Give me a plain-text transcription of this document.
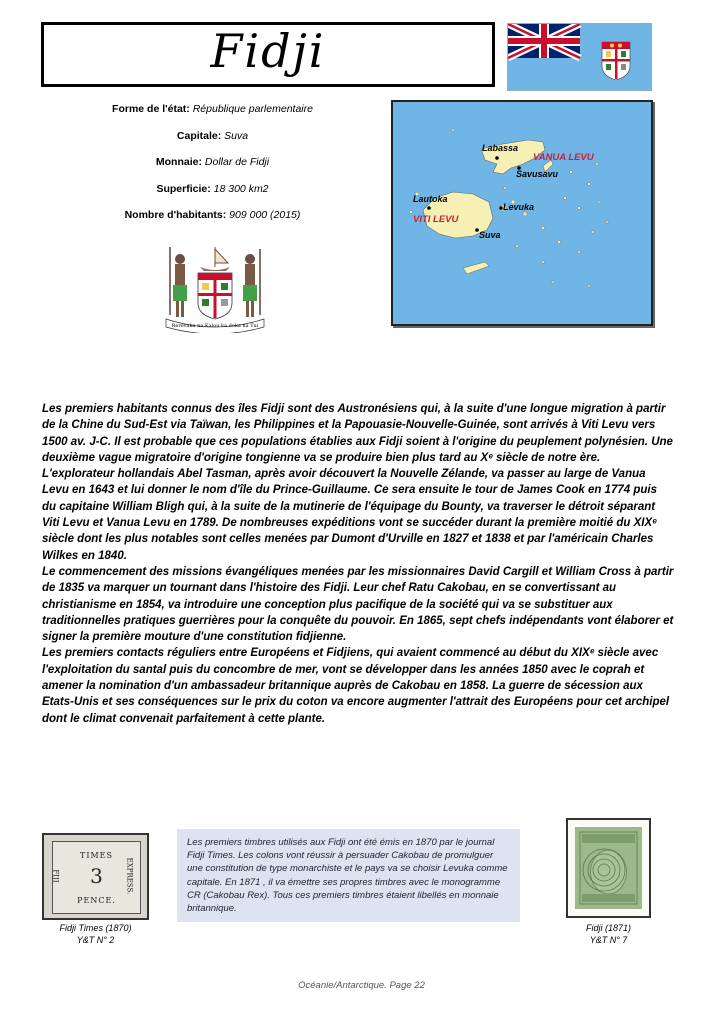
Fidji
Forme de l'état: République parlementaire
Capitale: Suva
Monnaie: Dollar de Fidji
Superficie: 18 300 km2
Nombre d'habitants: 909 000 (2015)
Rerevaka na Kalou ka doka na Tui
Labassa
VANUA LEVU
Savusavu
Lautoka
Levuka
VITI LEVU
Suva

Les premiers habitants connus des îles Fidji sont des Austronésiens qui, à la suite d'une longue migration à partir de la Chine du Sud-Est via Taïwan, les Philippines et la Papouasie-Nouvelle-Guinée, sont arrivés à Viti Levu vers 1500 av. J-C. Il est probable que ces populations établies aux Fidji soient à l'origine du peuplement polynésien. Une deuxième vague migratoire d'origine tongienne va se produire bien plus tard au Xᵉ siècle de notre ère.

L'explorateur hollandais Abel Tasman, après avoir découvert la Nouvelle Zélande, va passer au large de Vanua Levu en 1643 et lui donner le nom d'île du Prince-Guillaume. Ce sera ensuite le tour de James Cook en 1774 puis du capitaine William Bligh qui, à la suite de la mutinerie de l'équipage du Bounty, va traverser le détroit séparant Viti Levu et Vanua Levu en 1789. De nombreuses expéditions vont se succéder durant la première moitié du XIXᵉ siècle dont les plus notables sont celles menées par Dumont d'Urville en 1827 et 1838 et par l'américain Charles Wilkes en 1840.

Le commencement des missions évangéliques menées par les missionnaires David Cargill et William Cross à partir de 1835 va marquer un tournant dans l'histoire des Fidji. Leur chef Ratu Cakobau, en se convertissant au christianisme en 1854, va introduire une conception plus pacifique de la société qui va se substituer aux traditionnelles pratiques guerrières pour la conquête du pouvoir. En 1865, sept chefs indépendants vont élaborer et signer la première mouture d'une constitution fidjienne.

Les premiers contacts réguliers entre Européens et Fidjiens, qui avaient commencé au début du XIXᵉ siècle avec l'exploitation du santal puis du concombre de mer, vont se développer dans les années 1850 avec le coprah et amener la nomination d'un ambassadeur britannique auprès de Cakobau en 1858. La guerre de sécession aux Etats-Unis et ses conséquences sur le prix du coton va encore augmenter l'attrait des Européens pour cet archipel dont le climat convenait parfaitement à cette plante.

TIMES
3
PENCE.
FIJI	EXPRESS.
Fidji Times (1870)
Y&T N° 2
Les premiers timbres utilisés aux Fidji ont été émis en 1870 par le journal Fidji Times. Les colons vont réussir à persuader Cakobau de promulguer une constitution de type monarchiste et le pays va se choisir Levuka comme capitale. En 1871 , il va émettre ses propres timbres avec le monogramme CR (Cakobau Rex). Tous ces premiers timbres étaient libellés en monnaie britannique.
Fidji (1871)
Y&T N° 7
Océanie/Antarctique. Page 22
